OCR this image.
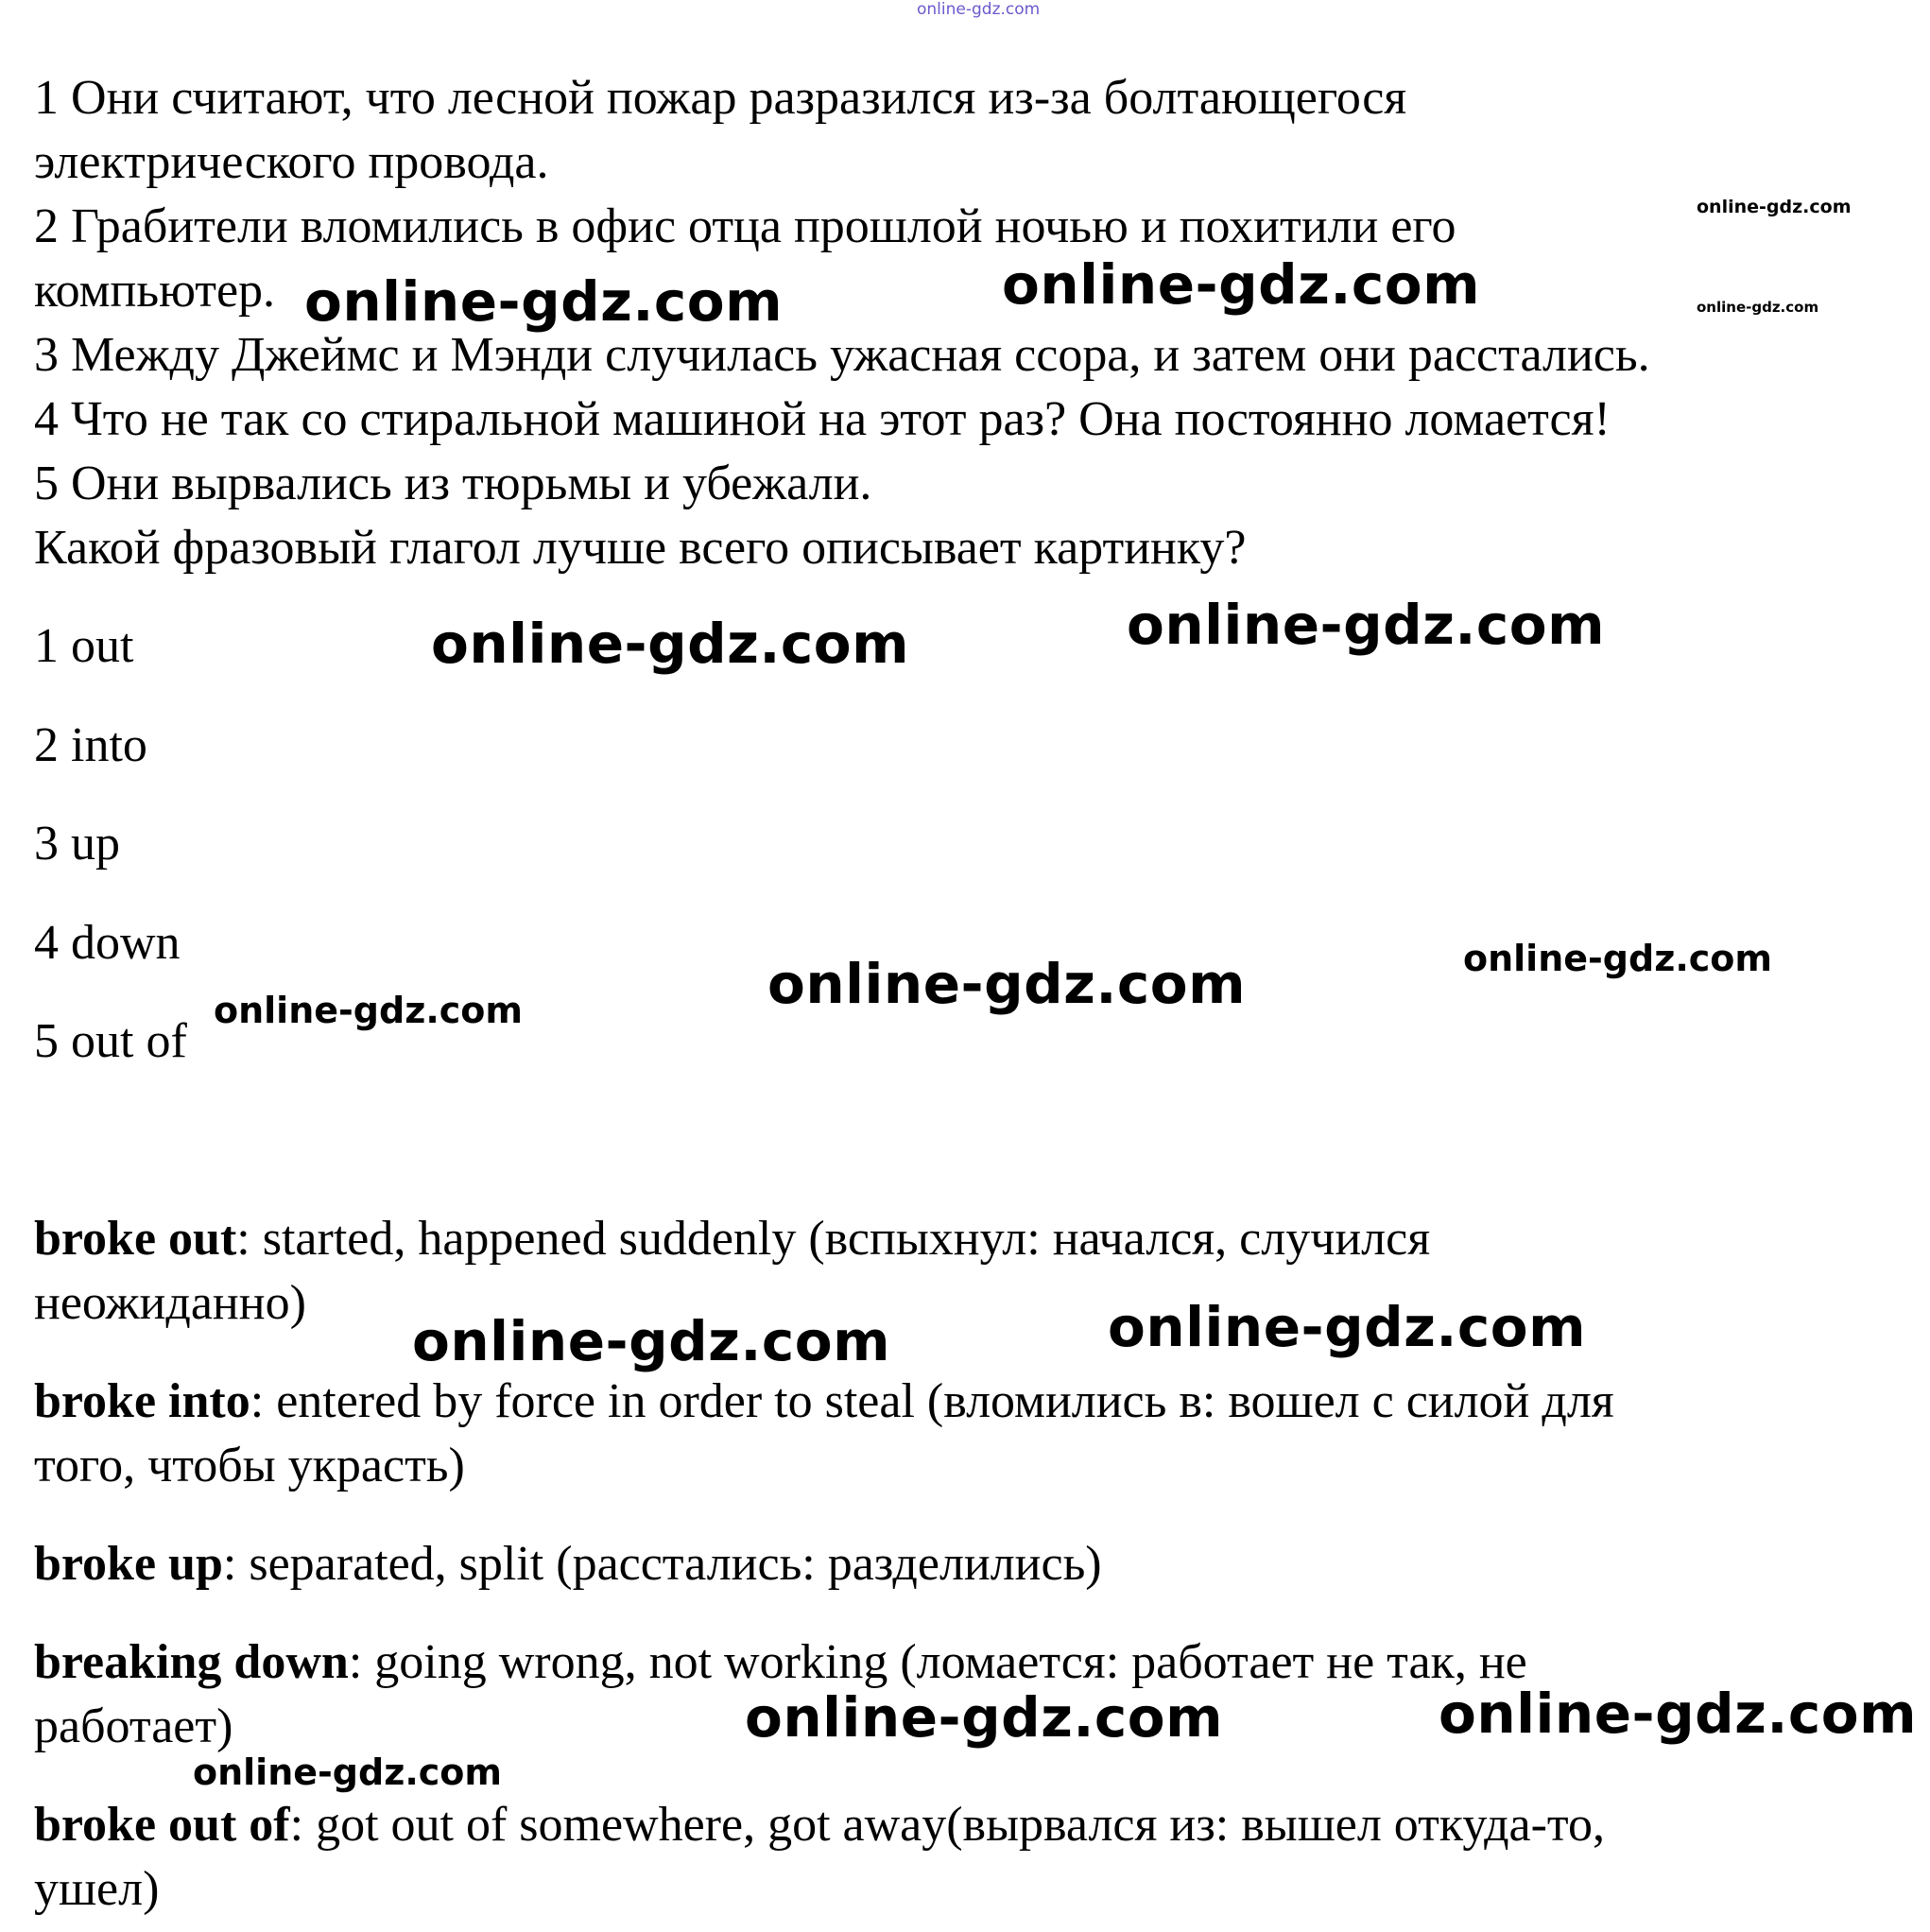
1 Они считают, что лесной пожар разразился из-за болтающегося
электрического провода.
2 Грабители вломились в офис отца прошлой ночью и похитили его
компьютер.
3 Между Джеймс и Мэнди случилась ужасная ссора, и затем они расстались.
4 Что не так со стиральной машиной на этот раз? Она постоянно ломается!
5 Они вырвались из тюрьмы и убежали.
Какой фразовый глагол лучше всего описывает картинку?
1 out
2 into
3 up
4 down
5 out of
broke out: started, happened suddenly (вспыхнул: начался, случился
неожиданно)
broke into: entered by force in order to steal (вломились в: вошел с силой для
того, чтобы украсть)
broke up: separated, split (расстались: разделились)
breaking down: going wrong, not working (ломается: работает не так, не
работает)
broke out of: got out of somewhere, got away(вырвался из: вышел откуда-то,
ушел)
online-gdz.com
online-gdz.com
online-gdz.com
online-gdz.com	online-gdz.com
online-gdz.com	online-gdz.com
online-gdz.com
online-gdz.com
online-gdz.com
online-gdz.com	online-gdz.com
online-gdz.com	online-gdz.com
online-gdz.com
